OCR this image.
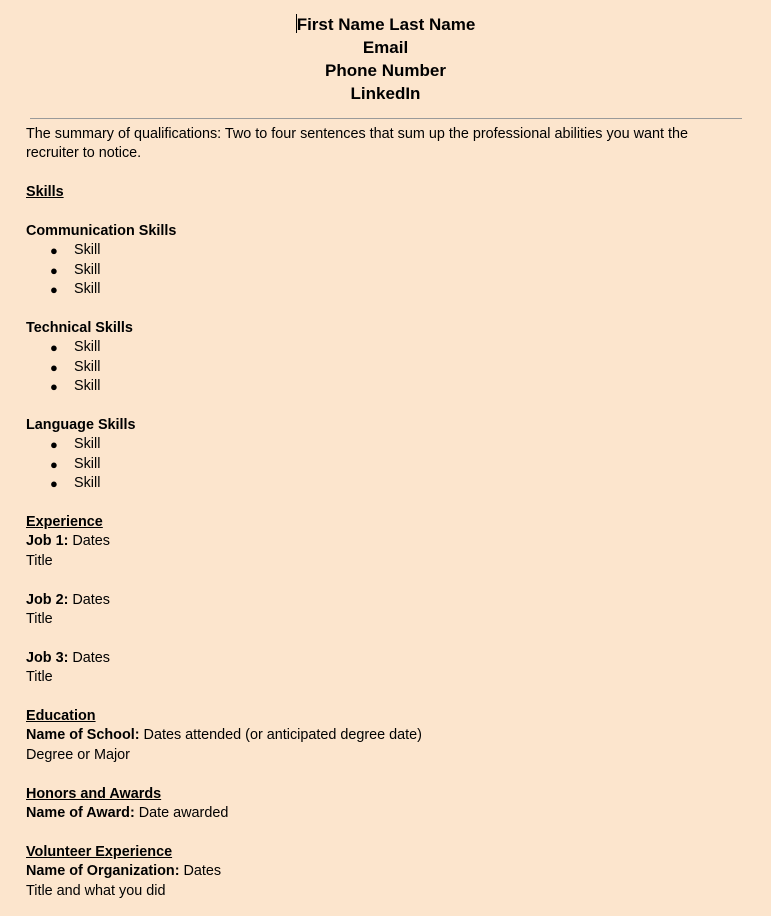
First Name Last Name
Email
Phone Number
LinkedIn

The summary of qualifications: Two to four sentences that sum up the professional abilities you want the recruiter to notice.

Skills

Communication Skills

● Skill
● Skill
● Skill

Technical Skills

● Skill
● Skill
● Skill

Language Skills

● Skill
● Skill
● Skill

Experience

Job 1: Dates

Title

Job 2: Dates

Title

Job 3: Dates

Title

Education

Name of School: Dates attended (or anticipated degree date)

Degree or Major

Honors and Awards

Name of Award: Date awarded

Volunteer Experience

Name of Organization: Dates

Title and what you did
